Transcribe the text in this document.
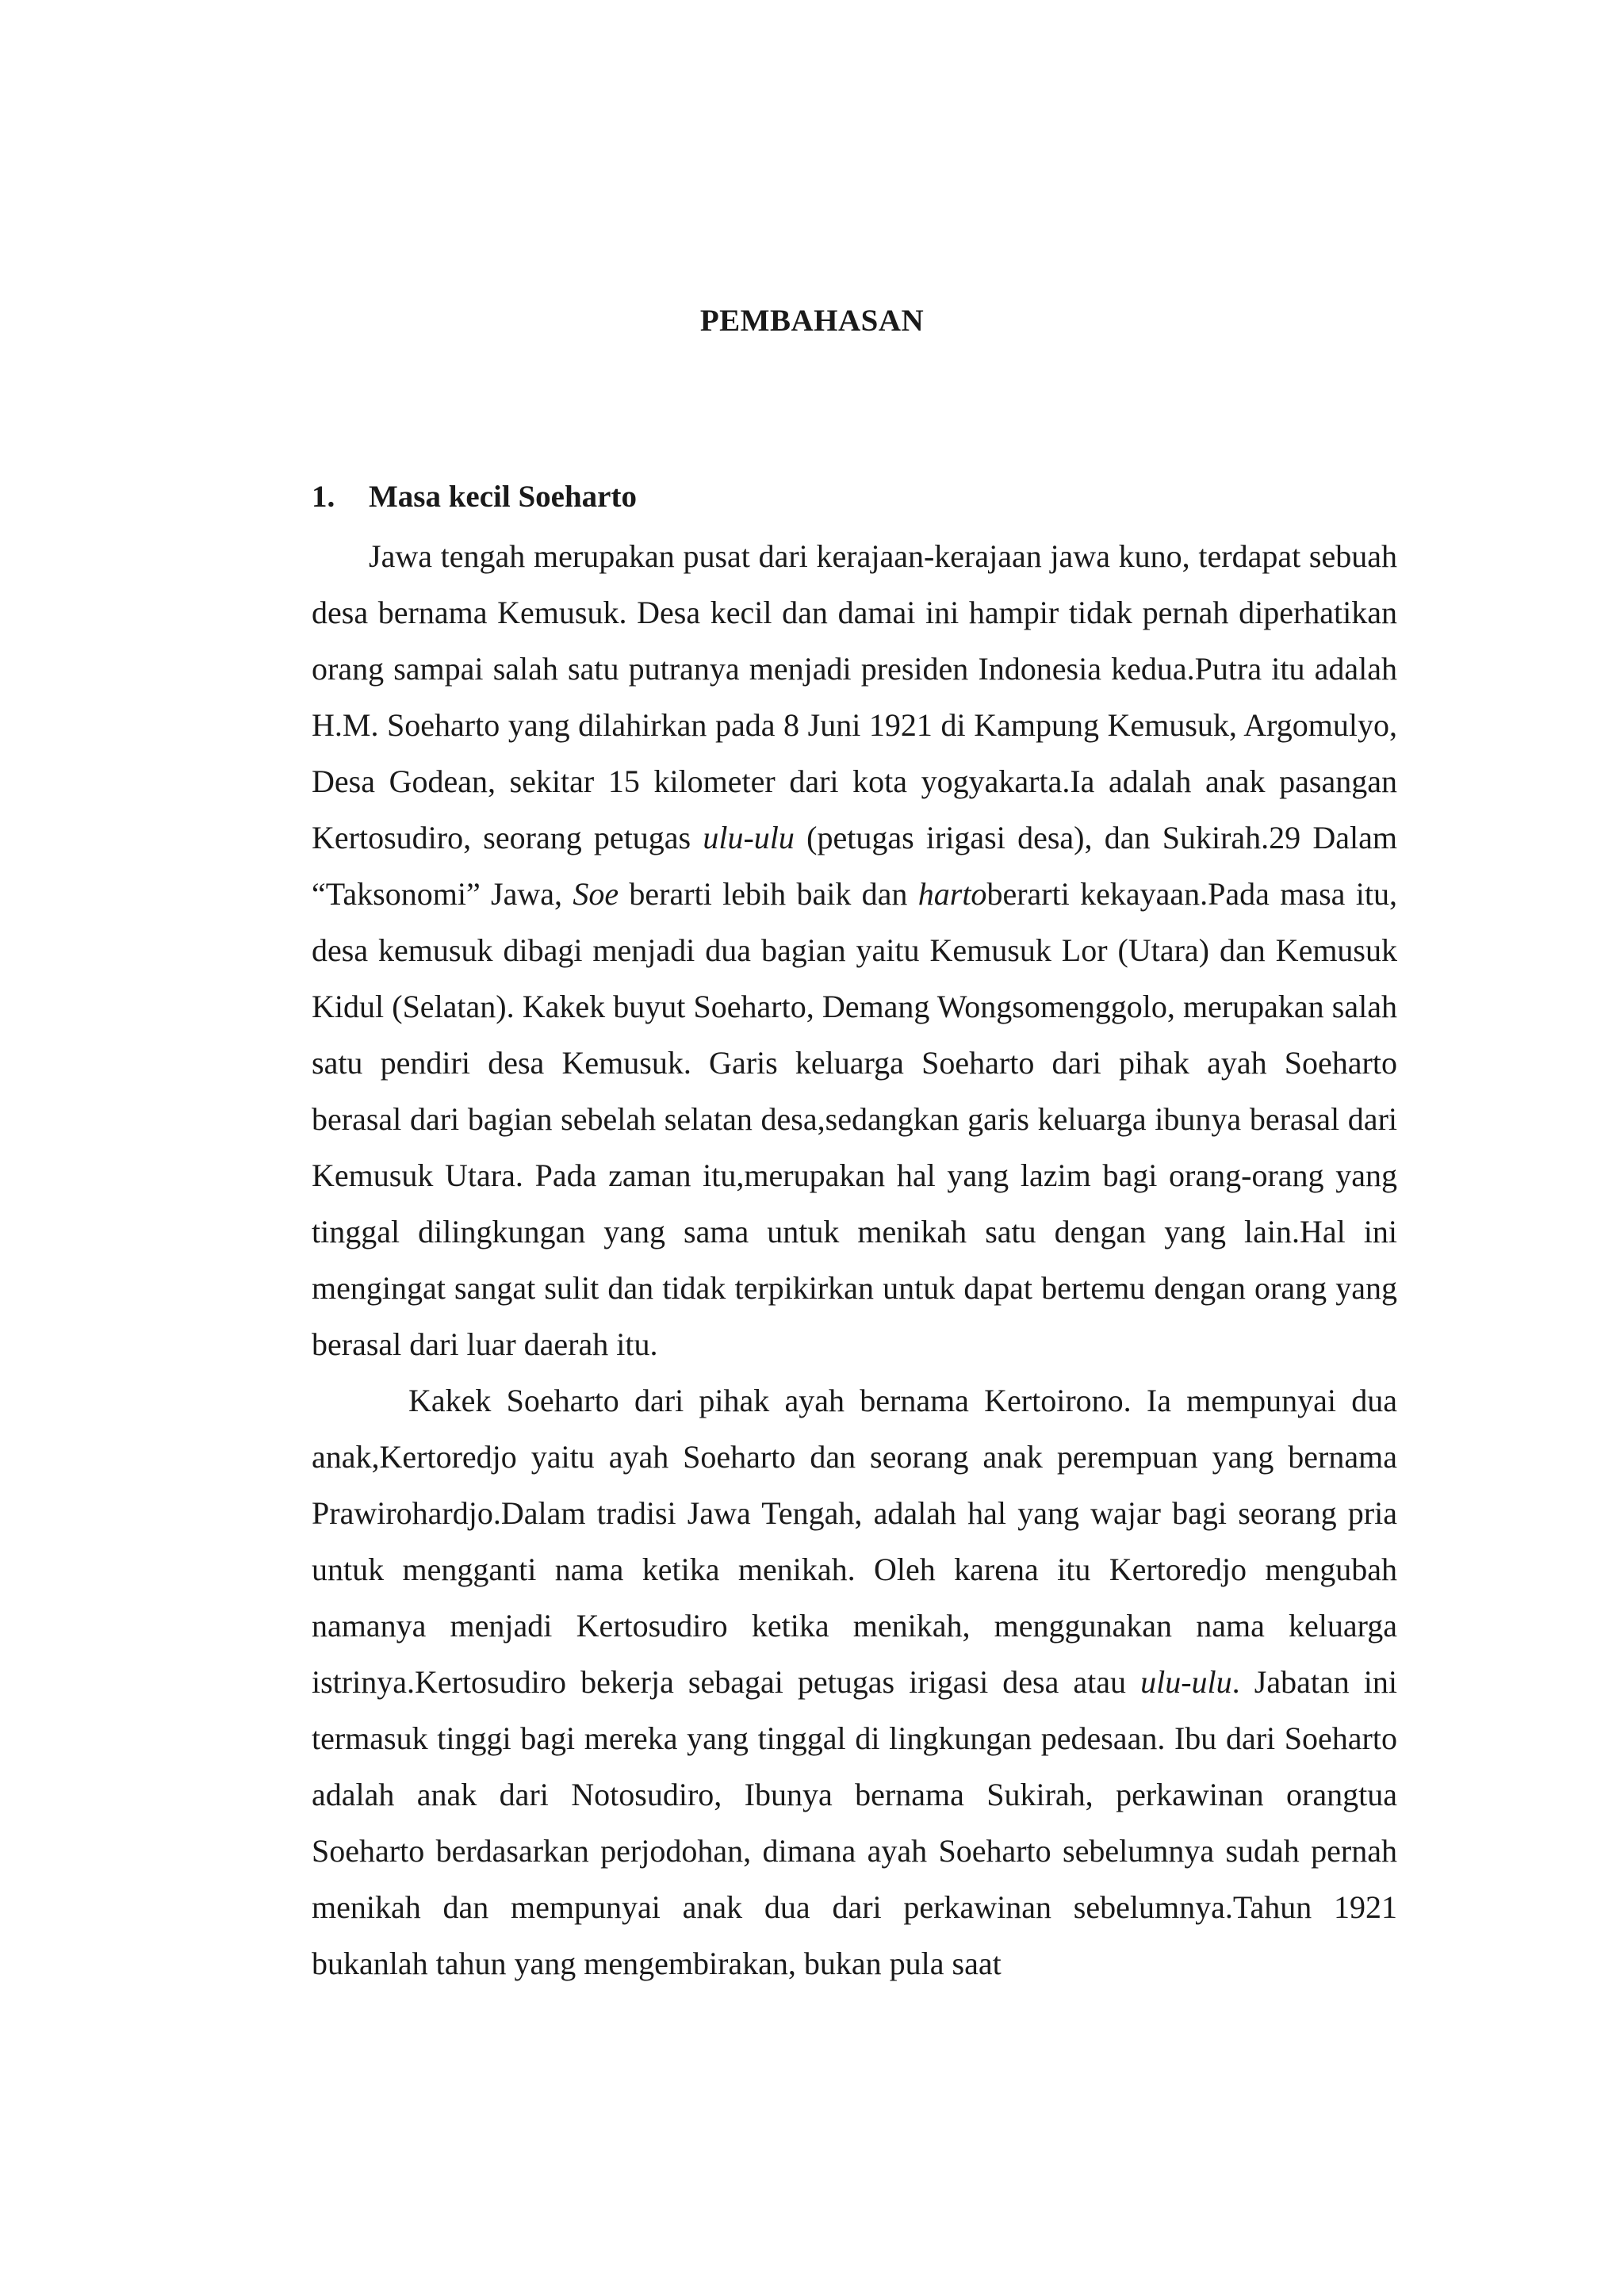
PEMBAHASAN
1. Masa kecil Soeharto

Jawa tengah merupakan pusat dari kerajaan-kerajaan jawa kuno, terdapat sebuah desa bernama Kemusuk. Desa kecil dan damai ini hampir tidak pernah diperhatikan orang sampai salah satu putranya menjadi presiden Indonesia kedua.Putra itu adalah H.M. Soeharto yang dilahirkan pada 8 Juni 1921 di Kampung Kemusuk, Argomulyo, Desa Godean, sekitar 15 kilometer dari kota yogyakarta.Ia adalah anak pasangan Kertosudiro, seorang petugas ulu-ulu (petugas irigasi desa), dan Sukirah.29 Dalam “Taksonomi” Jawa, Soe berarti lebih baik dan hartoberarti kekayaan.Pada masa itu, desa kemusuk dibagi menjadi dua bagian yaitu Kemusuk Lor (Utara) dan Kemusuk Kidul (Selatan). Kakek buyut Soeharto, Demang Wongsomenggolo, merupakan salah satu pendiri desa Kemusuk. Garis keluarga Soeharto dari pihak ayah Soeharto berasal dari bagian sebelah selatan desa,sedangkan garis keluarga ibunya berasal dari Kemusuk Utara. Pada zaman itu,merupakan hal yang lazim bagi orang-orang yang tinggal dilingkungan yang sama untuk menikah satu dengan yang lain.Hal ini mengingat sangat sulit dan tidak terpikirkan untuk dapat bertemu dengan orang yang berasal dari luar daerah itu.

Kakek Soeharto dari pihak ayah bernama Kertoirono. Ia mempunyai dua anak,Kertoredjo yaitu ayah Soeharto dan seorang anak perempuan yang bernama Prawirohardjo.Dalam tradisi Jawa Tengah, adalah hal yang wajar bagi seorang pria untuk mengganti nama ketika menikah. Oleh karena itu Kertoredjo mengubah namanya menjadi Kertosudiro ketika menikah, menggunakan nama keluarga istrinya.Kertosudiro bekerja sebagai petugas irigasi desa atau ulu-ulu. Jabatan ini termasuk tinggi bagi mereka yang tinggal di lingkungan pedesaan. Ibu dari Soeharto adalah anak dari Notosudiro, Ibunya bernama Sukirah, perkawinan orangtua Soeharto berdasarkan perjodohan, dimana ayah Soeharto sebelumnya sudah pernah menikah dan mempunyai anak dua dari perkawinan sebelumnya.Tahun 1921 bukanlah tahun yang mengembirakan, bukan pula saat
